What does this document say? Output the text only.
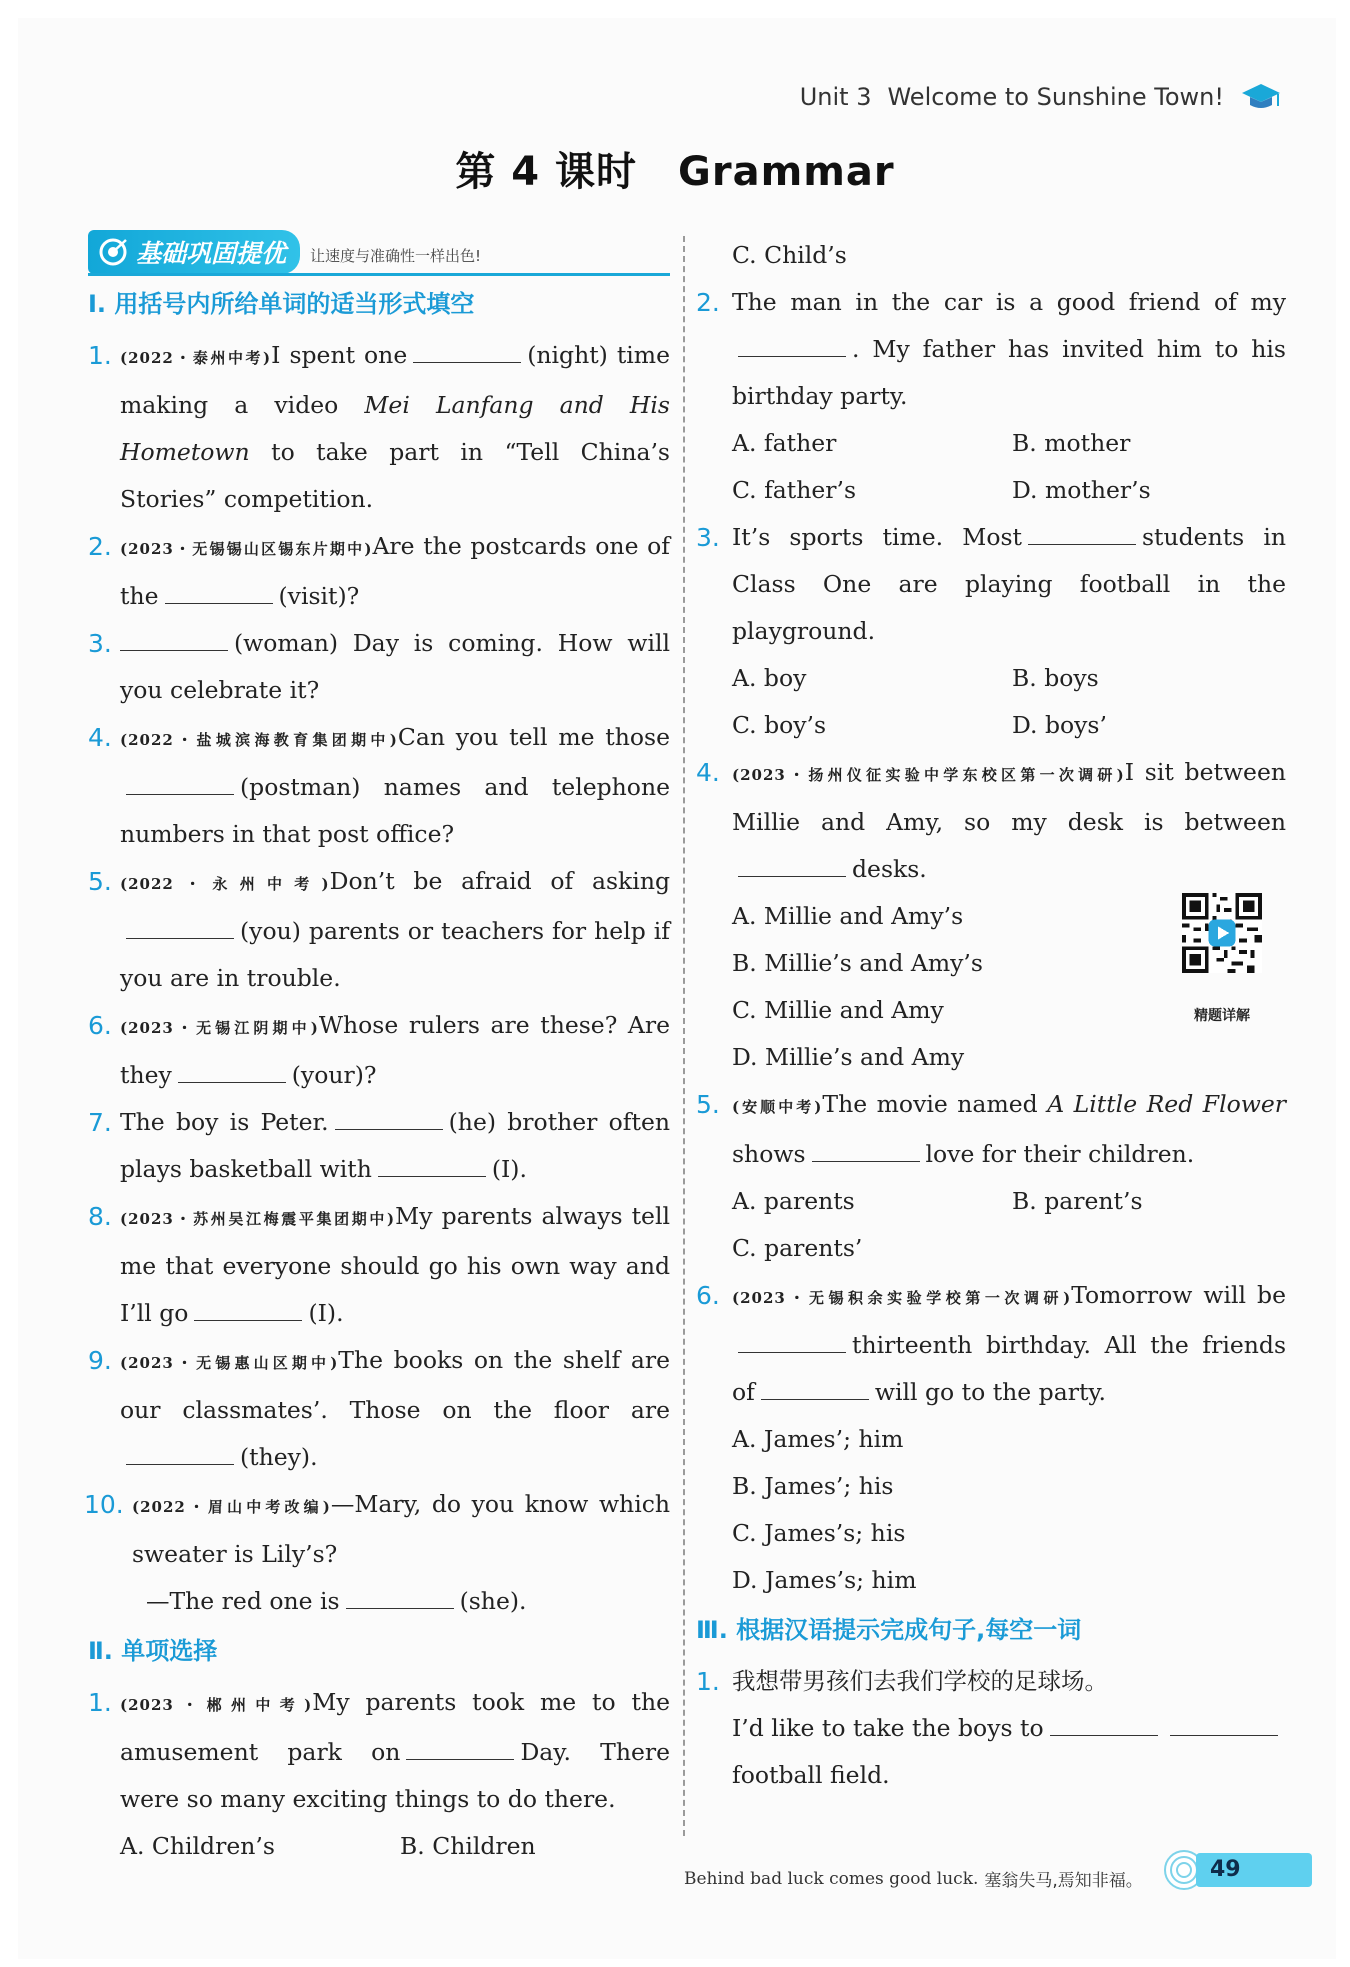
Unit 3 Welcome to Sunshine Town!
第 4 课时　Grammar
基础巩固提优 让速度与准确性一样出色!
Ⅰ. 用括号内所给单词的适当形式填空
1. (2022・泰州中考)I spent one	(night) time making a video Mei Lanfang and His Hometown to take part in “Tell China’s Stories” competition.
2. (2023・无锡锡山区锡东片期中)Are the postcards one of the	(visit)?
3.	(woman) Day is coming. How will you celebrate it?
4. (2022・盐城滨海教育集团期中)Can you tell me those(postman) names and telephone numbers in that post office?
5. (2022・永州中考)Don’t be afraid of asking(you) parents or teachers for help if you are in trouble.
6. (2023・无锡江阴期中)Whose rulers are these? Are they	(your)?
7. The boy is Peter.	(he) brother often plays basketball with	(I).
8. (2023・苏州吴江梅震平集团期中)My parents always tell me that everyone should go his own way and I’ll go	(I).
9. (2023・无锡惠山区期中)The books on the shelf are our classmates’. Those on the floor are(they).
10. (2022・眉山中考改编)—Mary, do you know which sweater is Lily’s?
—The red one is	(she).
Ⅱ. 单项选择
1. (2023・郴州中考)My parents took me to the amusement park on	Day. There were so many exciting things to do there.
A. Children’s	B. Children
C. Child’s
2. The man in the car is a good friend of my. My father has invited him to his birthday party.
A. father	B. mother
C. father’s	D. mother’s
3. It’s sports time. Most	students in Class One are playing football in the playground.
A. boy	B. boys
C. boy’s	D. boys’
4. (2023・扬州仪征实验中学东校区第一次调研)I sit between Millie and Amy, so my desk is betweendesks.
A. Millie and Amy’s
B. Millie’s and Amy’s
C. Millie and Amy
D. Millie’s and Amy
精题详解
5. (安顺中考)The movie named A Little Red Flower shows	love for their children.
A. parents	B. parent’s
C. parents’
6. (2023・无锡积余实验学校第一次调研)Tomorrow will bethirteenth birthday. All the friends of	will go to the party.
A. James’; him
B. James’; his
C. James’s; his
D. James’s; him
Ⅲ. 根据汉语提示完成句子,每空一词
1. 我想带男孩们去我们学校的足球场。
I’d like to take the boys to
football field.
Behind bad luck comes good luck. 塞翁失马,焉知非福。	49
